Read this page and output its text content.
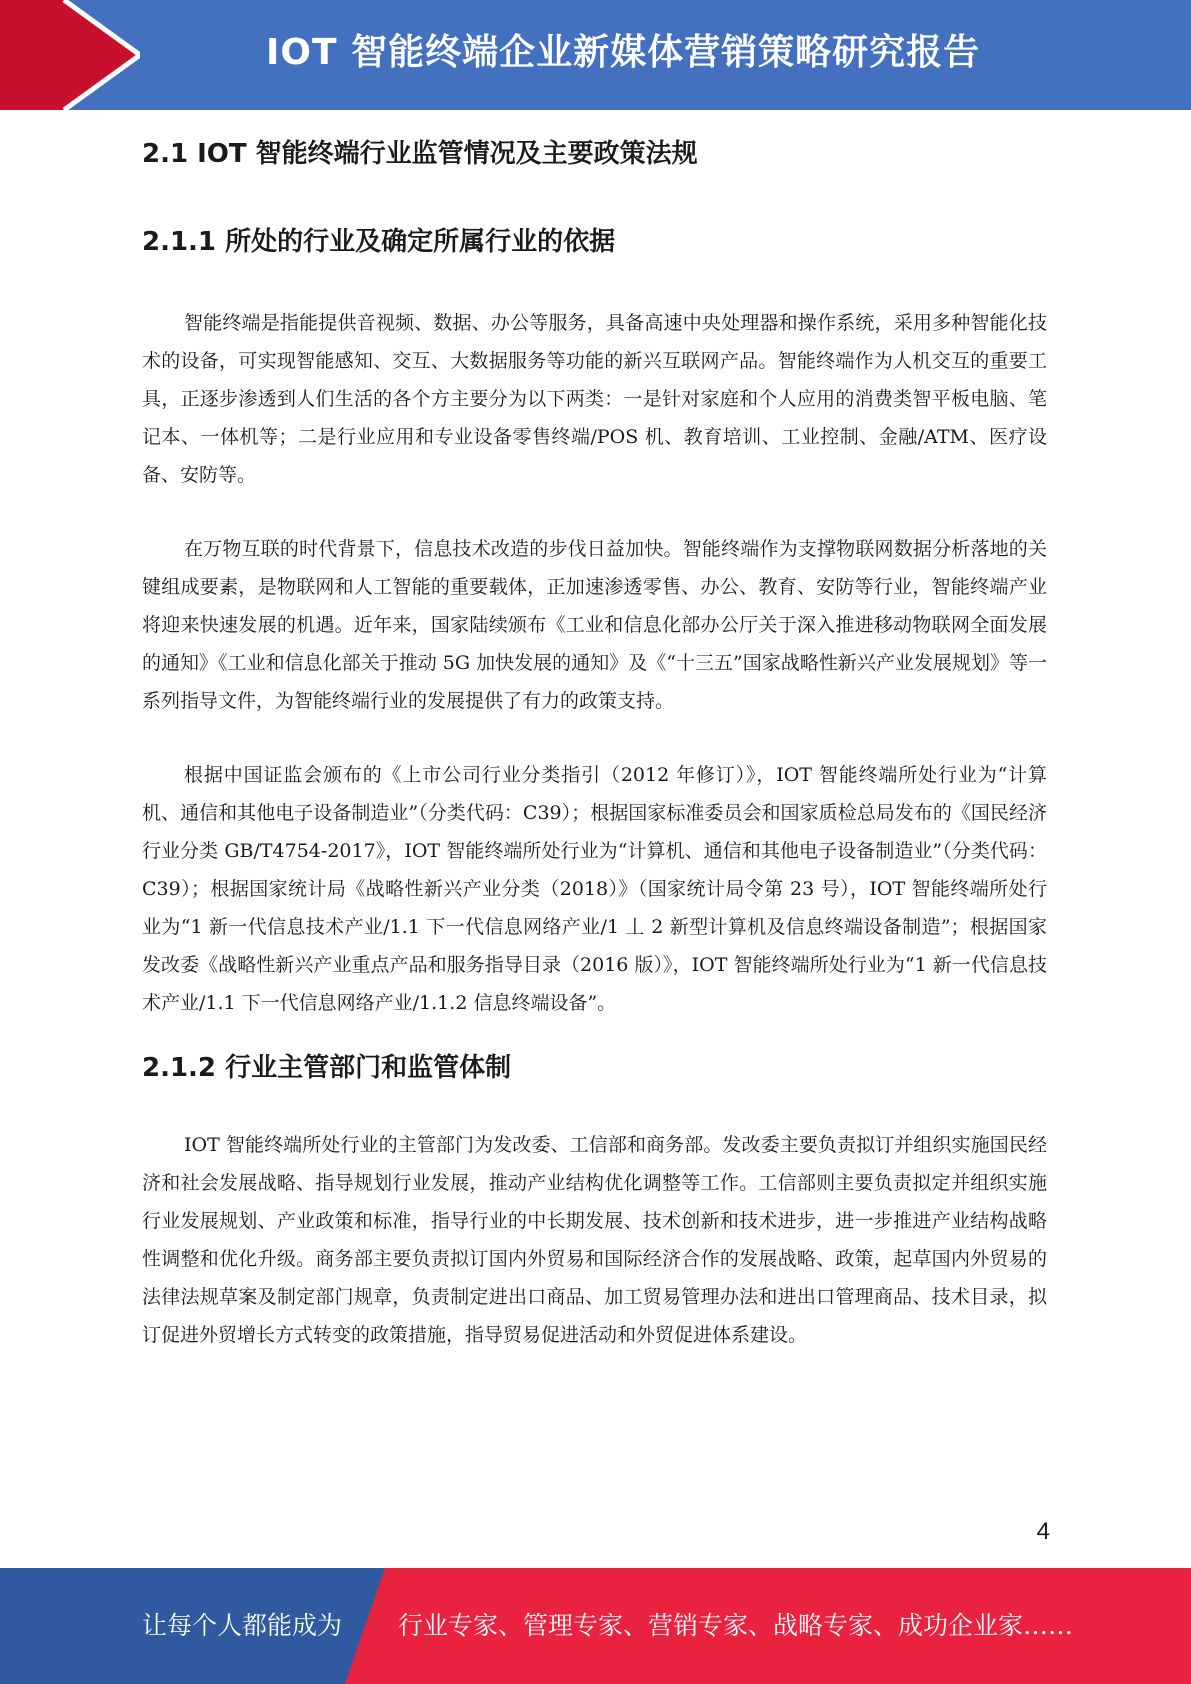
IOT 智能终端企业新媒体营销策略研究报告
2.1 IOT 智能终端行业监管情况及主要政策法规
2.1.1 所处的行业及确定所属行业的依据

智能终端是指能提供音视频、数据、办公等服务，具备高速中央处理器和操作系统，采用多种智能化技术的设备，可实现智能感知、交互、大数据服务等功能的新兴互联网产品。智能终端作为人机交互的重要工具，正逐步渗透到人们生活的各个方主要分为以下两类：一是针对家庭和个人应用的消费类智平板电脑、笔记本、一体机等；二是行业应用和专业设备零售终端/POS 机、教育培训、工业控制、金融/ATM、医疗设备、安防等。

在万物互联的时代背景下，信息技术改造的步伐日益加快。智能终端作为支撑物联网数据分析落地的关键组成要素，是物联网和人工智能的重要载体，正加速渗透零售、办公、教育、安防等行业，智能终端产业将迎来快速发展的机遇。近年来，国家陆续颁布《工业和信息化部办公厅关于深入推进移动物联网全面发展的通知》《工业和信息化部关于推动 5G 加快发展的通知》及《“十三五”国家战略性新兴产业发展规划》等一系列指导文件，为智能终端行业的发展提供了有力的政策支持。

根据中国证监会颁布的《上市公司行业分类指引（2012 年修订）》，IOT 智能终端所处行业为“计算机、通信和其他电子设备制造业”（分类代码：C39）；根据国家标准委员会和国家质检总局发布的《国民经济行业分类 GB/T4754-2017》，IOT 智能终端所处行业为“计算机、通信和其他电子设备制造业”（分类代码：C39）；根据国家统计局《战略性新兴产业分类（2018）》（国家统计局令第 23 号），IOT 智能终端所处行业为“1 新一代信息技术产业/1.1 下一代信息网络产业/1 丄 2 新型计算机及信息终端设备制造”；根据国家发改委《战略性新兴产业重点产品和服务指导目录（2016 版）》，IOT 智能终端所处行业为“1 新一代信息技术产业/1.1 下一代信息网络产业/1.1.2 信息终端设备”。

2.1.2 行业主管部门和监管体制

IOT 智能终端所处行业的主管部门为发改委、工信部和商务部。发改委主要负责拟订并组织实施国民经济和社会发展战略、指导规划行业发展，推动产业结构优化调整等工作。工信部则主要负责拟定并组织实施行业发展规划、产业政策和标准，指导行业的中长期发展、技术创新和技术进步，进一步推进产业结构战略性调整和优化升级。商务部主要负责拟订国内外贸易和国际经济合作的发展战略、政策，起草国内外贸易的法律法规草案及制定部门规章，负责制定进出口商品、加工贸易管理办法和进出口管理商品、技术目录，拟订促进外贸增长方式转变的政策措施，指导贸易促进活动和外贸促进体系建设。

4
让每个人都能成为 行业专家、管理专家、营销专家、战略专家、成功企业家……
